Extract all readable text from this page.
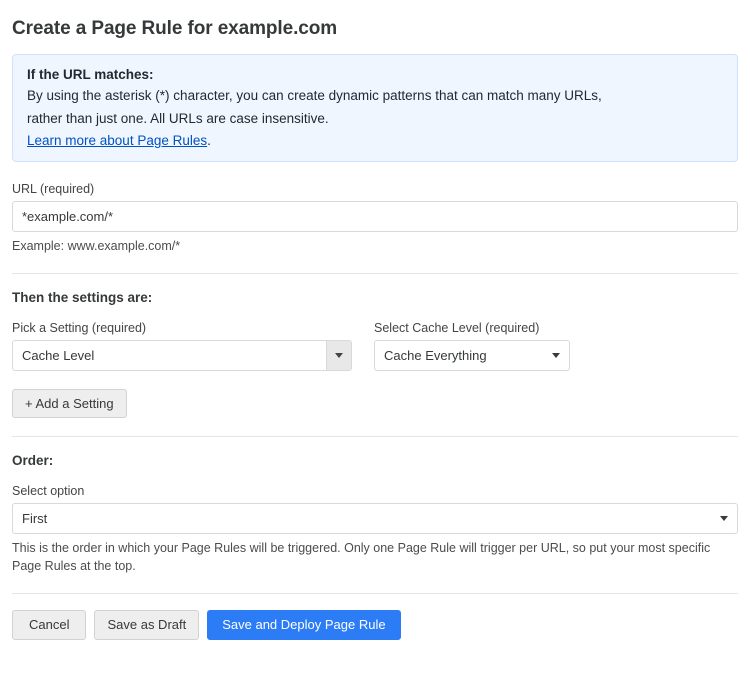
Create a Page Rule for example.com
If the URL matches:

By using the asterisk (*) character, you can create dynamic patterns that can match many URLs,

rather than just one. All URLs are case insensitive.

Learn more about Page Rules.
URL (required)
*example.com/*
Example: www.example.com/*
Then the settings are:
Pick a Setting (required)
Cache Level
Select Cache Level (required)
Cache Everything
+ Add a Setting
Order:
Select option
First
This is the order in which your Page Rules will be triggered. Only one Page Rule will trigger per URL, so put your most specific Page Rules at the top.
Cancel	Save as Draft	Save and Deploy Page Rule
